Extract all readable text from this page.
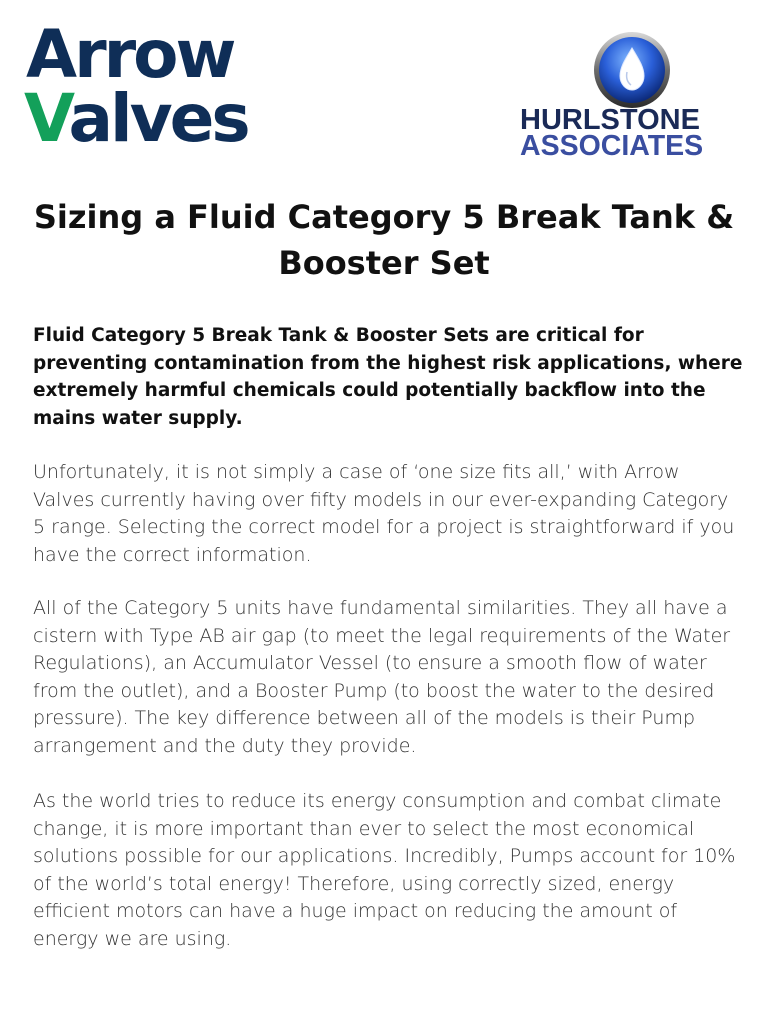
Arrow
Valves	HURLSTONE
ASSOCIATES
Sizing a Fluid Category 5 Break Tank & Booster Set
Fluid Category 5 Break Tank & Booster Sets are critical for preventing contamination from the highest risk applications, where extremely harmful chemicals could potentially backflow into the mains water supply.
Unfortunately, it is not simply a case of ‘one size fits all,’ with Arrow Valves currently having over fifty models in our ever-expanding Category 5 range. Selecting the correct model for a project is straightforward if you have the correct information.
All of the Category 5 units have fundamental similarities. They all have a cistern with Type AB air gap (to meet the legal requirements of the Water Regulations), an Accumulator Vessel (to ensure a smooth flow of water from the outlet), and a Booster Pump (to boost the water to the desired pressure). The key difference between all of the models is their Pump arrangement and the duty they provide.
As the world tries to reduce its energy consumption and combat climate change, it is more important than ever to select the most economical solutions possible for our applications. Incredibly, Pumps account for 10% of the world’s total energy! Therefore, using correctly sized, energy efficient motors can have a huge impact on reducing the amount of energy we are using.
